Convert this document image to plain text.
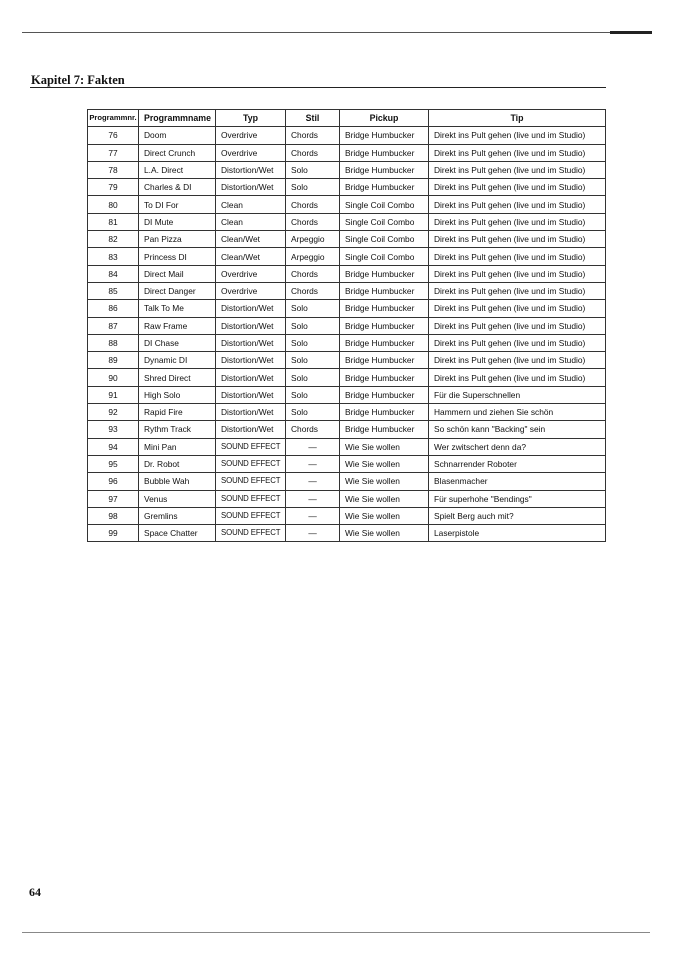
Kapitel 7: Fakten
Programmnr.	Programmname	Typ	Stil	Pickup	Tip
76	Doom	Overdrive	Chords	Bridge Humbucker	Direkt ins Pult gehen (live und im Studio)
77	Direct Crunch	Overdrive	Chords	Bridge Humbucker	Direkt ins Pult gehen (live und im Studio)
78	L.A. Direct	Distortion/Wet	Solo	Bridge Humbucker	Direkt ins Pult gehen (live und im Studio)
79	Charles & DI	Distortion/Wet	Solo	Bridge Humbucker	Direkt ins Pult gehen (live und im Studio)
80	To DI For	Clean	Chords	Single Coil Combo	Direkt ins Pult gehen (live und im Studio)
81	DI Mute	Clean	Chords	Single Coil Combo	Direkt ins Pult gehen (live und im Studio)
82	Pan Pizza	Clean/Wet	Arpeggio	Single Coil Combo	Direkt ins Pult gehen (live und im Studio)
83	Princess DI	Clean/Wet	Arpeggio	Single Coil Combo	Direkt ins Pult gehen (live und im Studio)
84	Direct Mail	Overdrive	Chords	Bridge Humbucker	Direkt ins Pult gehen (live und im Studio)
85	Direct Danger	Overdrive	Chords	Bridge Humbucker	Direkt ins Pult gehen (live und im Studio)
86	Talk To Me	Distortion/Wet	Solo	Bridge Humbucker	Direkt ins Pult gehen (live und im Studio)
87	Raw Frame	Distortion/Wet	Solo	Bridge Humbucker	Direkt ins Pult gehen (live und im Studio)
88	DI Chase	Distortion/Wet	Solo	Bridge Humbucker	Direkt ins Pult gehen (live und im Studio)
89	Dynamic DI	Distortion/Wet	Solo	Bridge Humbucker	Direkt ins Pult gehen (live und im Studio)
90	Shred Direct	Distortion/Wet	Solo	Bridge Humbucker	Direkt ins Pult gehen (live und im Studio)
91	High Solo	Distortion/Wet	Solo	Bridge Humbucker	Für die Superschnellen
92	Rapid Fire	Distortion/Wet	Solo	Bridge Humbucker	Hammern und ziehen Sie schön
93	Rythm Track	Distortion/Wet	Chords	Bridge Humbucker	So schön kann "Backing" sein
94	Mini Pan	SOUND EFFECT	—	Wie Sie wollen	Wer zwitschert denn da?
95	Dr. Robot	SOUND EFFECT	—	Wie Sie wollen	Schnarrender Roboter
96	Bubble Wah	SOUND EFFECT	—	Wie Sie wollen	Blasenmacher
97	Venus	SOUND EFFECT	—	Wie Sie wollen	Für superhohe "Bendings"
98	Gremlins	SOUND EFFECT	—	Wie Sie wollen	Spielt Berg auch mit?
99	Space Chatter	SOUND EFFECT	—	Wie Sie wollen	Laserpistole
64
